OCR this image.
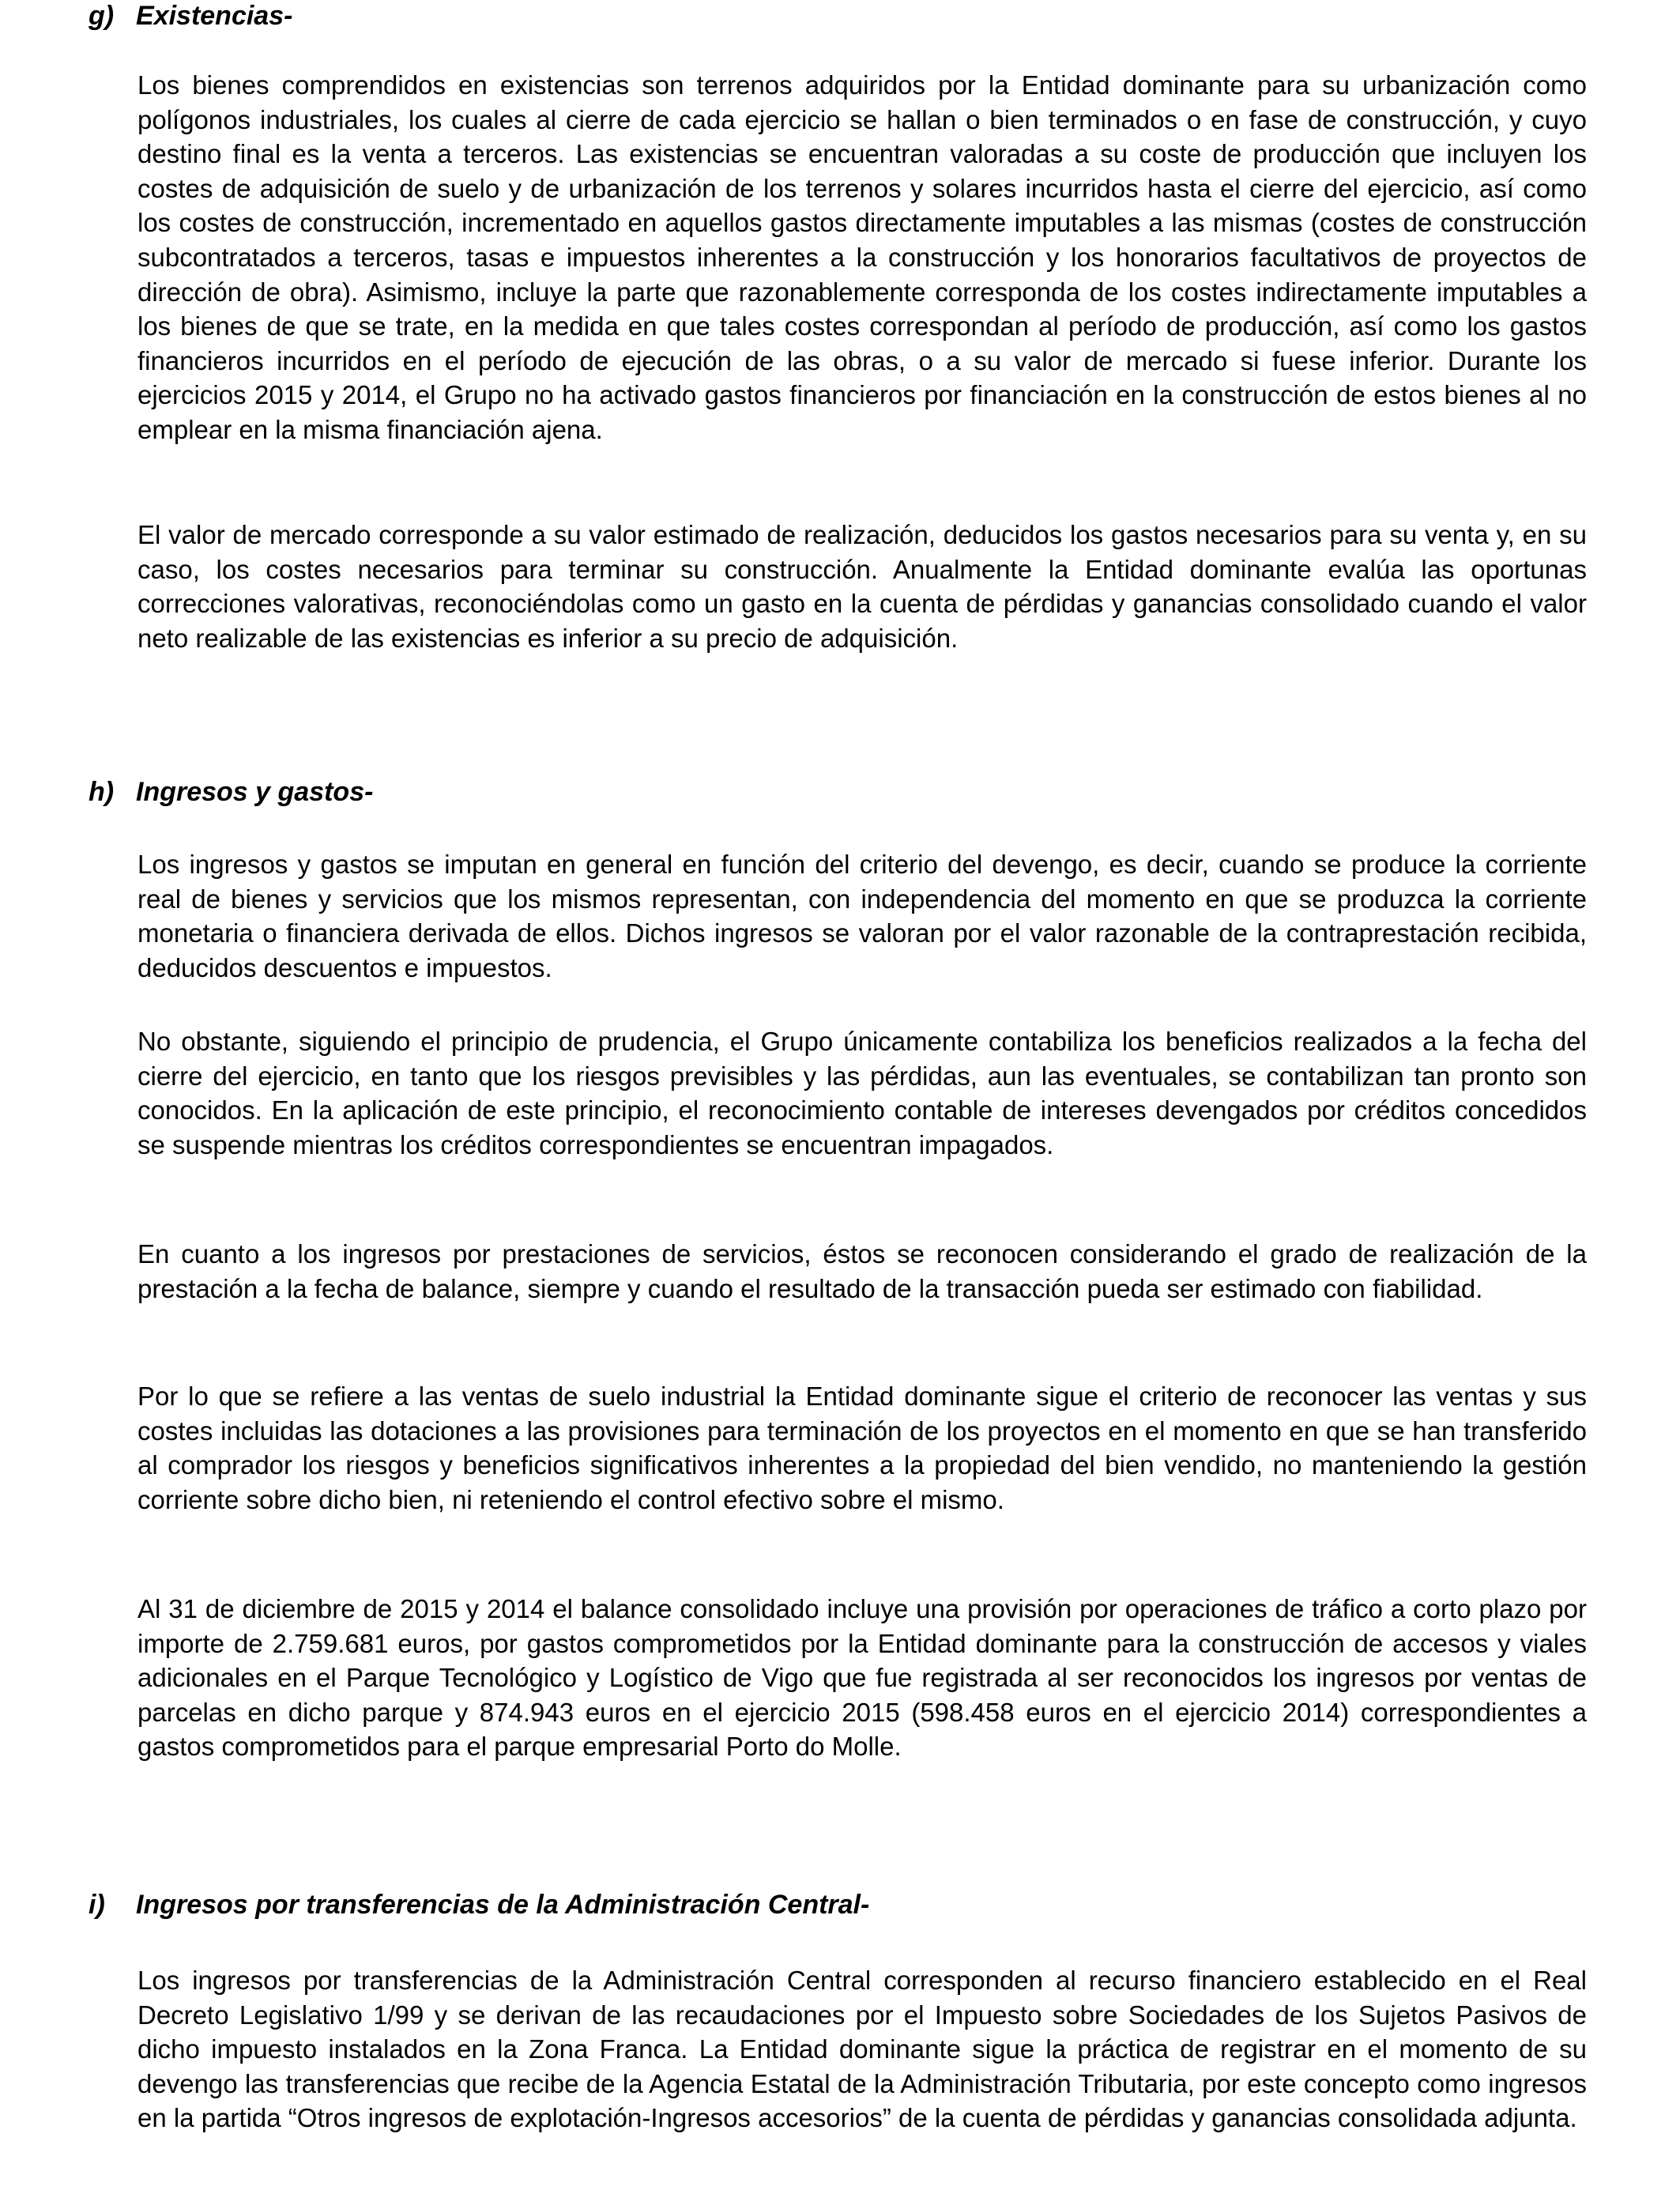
g) Existencias-

Los bienes comprendidos en existencias son terrenos adquiridos por la Entidad dominante para su urbanización como polígonos industriales, los cuales al cierre de cada ejercicio se hallan o bien terminados o en fase de construcción, y cuyo destino final es la venta a terceros. Las existencias se encuentran valoradas a su coste de producción que incluyen los costes de adquisición de suelo y de urbanización de los terrenos y solares incurridos hasta el cierre del ejercicio, así como los costes de construcción, incrementado en aquellos gastos directamente imputables a las mismas (costes de construcción subcontratados a terceros, tasas e impuestos inherentes a la construcción y los honorarios facultativos de proyectos de dirección de obra). Asimismo, incluye la parte que razonablemente corresponda de los costes indirectamente imputables a los bienes de que se trate, en la medida en que tales costes correspondan al período de producción, así como los gastos financieros incurridos en el período de ejecución de las obras, o a su valor de mercado si fuese inferior. Durante los ejercicios 2015 y 2014, el Grupo no ha activado gastos financieros por financiación en la construcción de estos bienes al no emplear en la misma financiación ajena.

El valor de mercado corresponde a su valor estimado de realización, deducidos los gastos necesarios para su venta y, en su caso, los costes necesarios para terminar su construcción. Anualmente la Entidad dominante evalúa las oportunas correcciones valorativas, reconociéndolas como un gasto en la cuenta de pérdidas y ganancias consolidado cuando el valor neto realizable de las existencias es inferior a su precio de adquisición.

h) Ingresos y gastos-

Los ingresos y gastos se imputan en general en función del criterio del devengo, es decir, cuando se produce la corriente real de bienes y servicios que los mismos representan, con independencia del momento en que se produzca la corriente monetaria o financiera derivada de ellos. Dichos ingresos se valoran por el valor razonable de la contraprestación recibida, deducidos descuentos e impuestos.

No obstante, siguiendo el principio de prudencia, el Grupo únicamente contabiliza los beneficios realizados a la fecha del cierre del ejercicio, en tanto que los riesgos previsibles y las pérdidas, aun las eventuales, se contabilizan tan pronto son conocidos. En la aplicación de este principio, el reconocimiento contable de intereses devengados por créditos concedidos se suspende mientras los créditos correspondientes se encuentran impagados.

En cuanto a los ingresos por prestaciones de servicios, éstos se reconocen considerando el grado de realización de la prestación a la fecha de balance, siempre y cuando el resultado de la transacción pueda ser estimado con fiabilidad.

Por lo que se refiere a las ventas de suelo industrial la Entidad dominante sigue el criterio de reconocer las ventas y sus costes incluidas las dotaciones a las provisiones para terminación de los proyectos en el momento en que se han transferido al comprador los riesgos y beneficios significativos inherentes a la propiedad del bien vendido, no manteniendo la gestión corriente sobre dicho bien, ni reteniendo el control efectivo sobre el mismo.

Al 31 de diciembre de 2015 y 2014 el balance consolidado incluye una provisión por operaciones de tráfico a corto plazo por importe de 2.759.681 euros, por gastos comprometidos por la Entidad dominante para la construcción de accesos y viales adicionales en el Parque Tecnológico y Logístico de Vigo que fue registrada al ser reconocidos los ingresos por ventas de parcelas en dicho parque y 874.943 euros en el ejercicio 2015 (598.458 euros en el ejercicio 2014) correspondientes a gastos comprometidos para el parque empresarial Porto do Molle.

i) Ingresos por transferencias de la Administración Central-

Los ingresos por transferencias de la Administración Central corresponden al recurso financiero establecido en el Real Decreto Legislativo 1/99 y se derivan de las recaudaciones por el Impuesto sobre Sociedades de los Sujetos Pasivos de dicho impuesto instalados en la Zona Franca. La Entidad dominante sigue la práctica de registrar en el momento de su devengo las transferencias que recibe de la Agencia Estatal de la Administración Tributaria, por este concepto como ingresos en la partida “Otros ingresos de explotación-Ingresos accesorios” de la cuenta de pérdidas y ganancias consolidada adjunta.
